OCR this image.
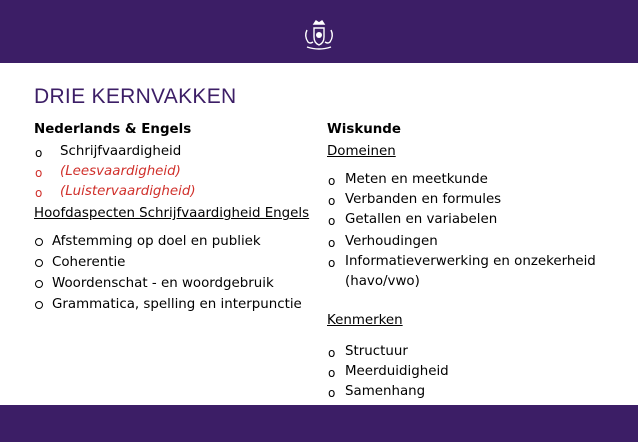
DRIE KERNVAKKEN
Nederlands & Engels
o Schrijfvaardigheid
o (Leesvaardigheid)
o (Luistervaardigheid)
Hoofdaspecten Schrijfvaardigheid Engels
Afstemming op doel en publiek
Coherentie
Woordenschat - en woordgebruik
Grammatica, spelling en interpunctie
Wiskunde
Domeinen
o Meten en meetkunde
o Verbanden en formules
o Getallen en variabelen
o Verhoudingen
o Informatieverwerking en onzekerheid
(havo/vwo)
Kenmerken
o Structuur
o Meerduidigheid
o Samenhang
